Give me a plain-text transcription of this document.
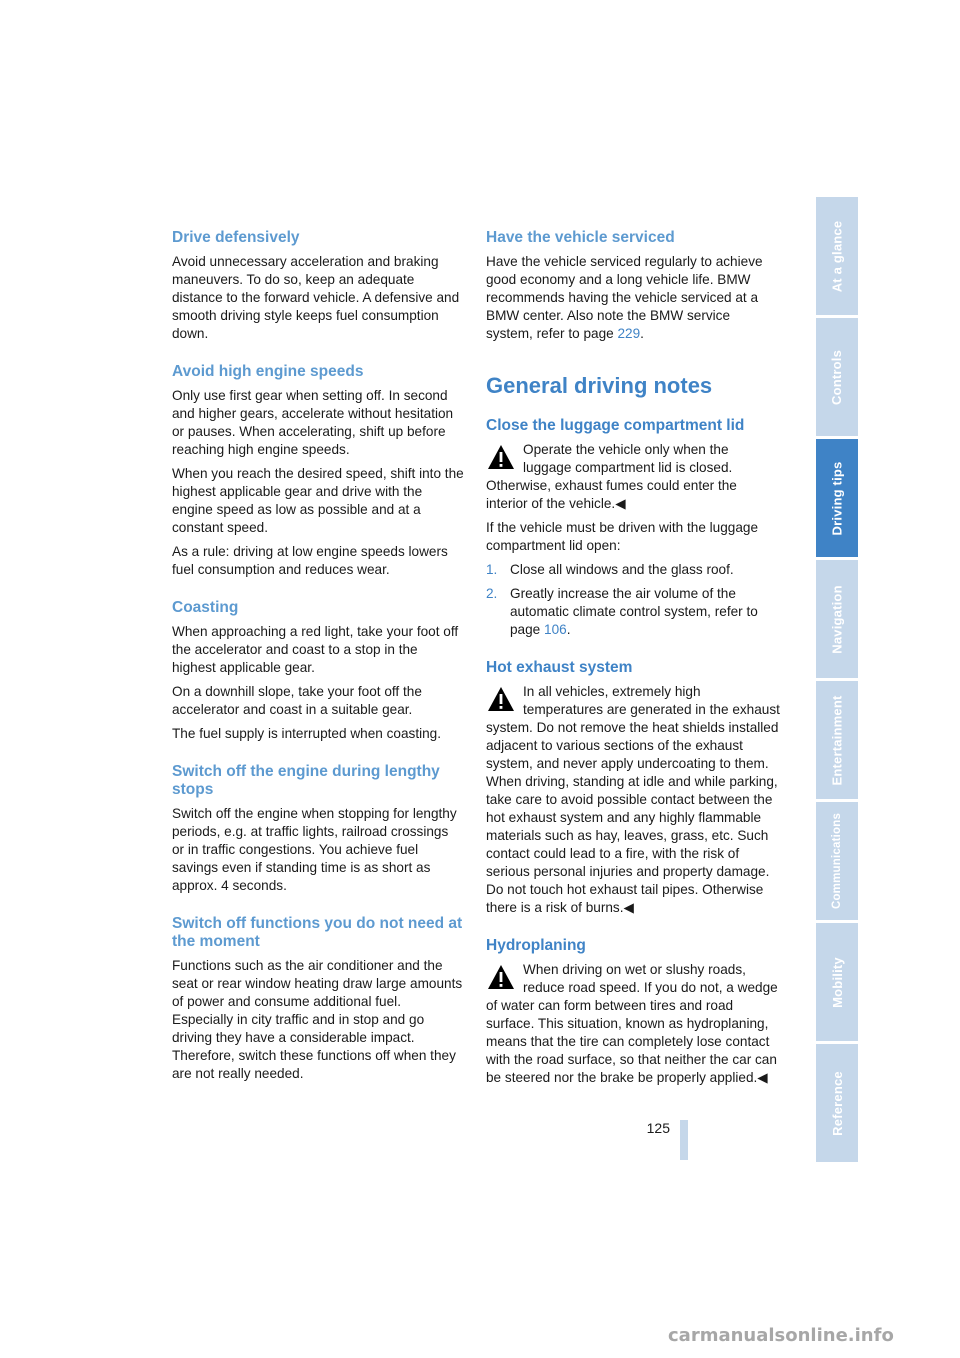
Drive defensively

Avoid unnecessary acceleration and braking maneuvers. To do so, keep an adequate distance to the forward vehicle. A defensive and smooth driving style keeps fuel consumption down.

Avoid high engine speeds

Only use first gear when setting off. In second and higher gears, accelerate without hesitation or pauses. When accelerating, shift up before reaching high engine speeds.

When you reach the desired speed, shift into the highest applicable gear and drive with the engine speed as low as possible and at a constant speed.

As a rule: driving at low engine speeds lowers fuel consumption and reduces wear.

Coasting

When approaching a red light, take your foot off the accelerator and coast to a stop in the highest applicable gear.

On a downhill slope, take your foot off the accelerator and coast in a suitable gear.

The fuel supply is interrupted when coasting.

Switch off the engine during lengthy stops

Switch off the engine when stopping for lengthy periods, e.g. at traffic lights, railroad crossings or in traffic congestions. You achieve fuel savings even if standing time is as short as approx. 4 seconds.

Switch off functions you do not need at the moment

Functions such as the air conditioner and the seat or rear window heating draw large amounts of power and consume additional fuel. Especially in city traffic and in stop and go driving they have a considerable impact. Therefore, switch these functions off when they are not really needed.

Have the vehicle serviced

Have the vehicle serviced regularly to achieve good economy and a long vehicle life. BMW recommends having the vehicle serviced at a BMW center. Also note the BMW service system, refer to page 229.

General driving notes
Close the luggage compartment lid
Operate the vehicle only when the luggage compartment lid is closed. Otherwise, exhaust fumes could enter the interior of the vehicle.◀

If the vehicle must be driven with the luggage compartment lid open:

1. Close all windows and the glass roof.
2. Greatly increase the air volume of the automatic climate control system, refer to page 106.
Hot exhaust system
In all vehicles, extremely high temperatures are generated in the exhaust system. Do not remove the heat shields installed adjacent to various sections of the exhaust system, and never apply undercoating to them. When driving, standing at idle and while parking, take care to avoid possible contact between the hot exhaust system and any highly flammable materials such as hay, leaves, grass, etc. Such contact could lead to a fire, with the risk of serious personal injuries and property damage. Do not touch hot exhaust tail pipes. Otherwise there is a risk of burns.◀
Hydroplaning
When driving on wet or slushy roads, reduce road speed. If you do not, a wedge of water can form between tires and road surface. This situation, known as hydroplaning, means that the tire can completely lose contact with the road surface, so that neither the car can be steered nor the brake be properly applied.◀
125
At a glance
Controls
Driving tips
Navigation
Entertainment
Communications
Mobility
Reference
carmanualsonline.info
